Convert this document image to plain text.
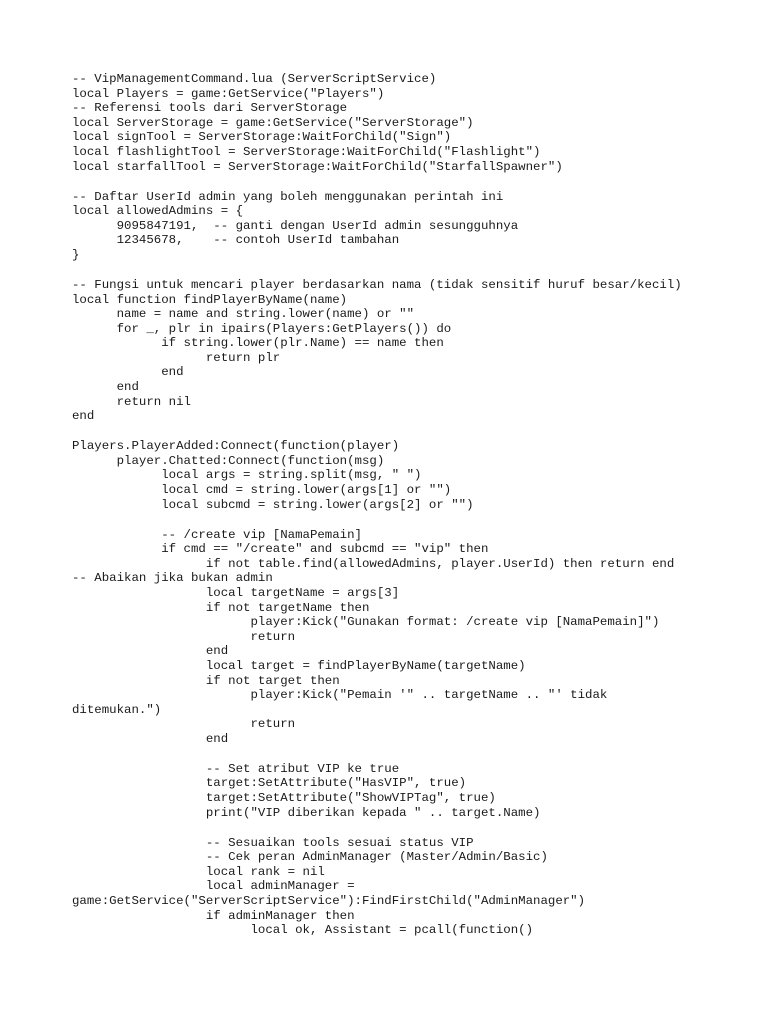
-- VipManagementCommand.lua (ServerScriptService)
local Players = game:GetService("Players")
-- Referensi tools dari ServerStorage
local ServerStorage = game:GetService("ServerStorage")
local signTool = ServerStorage:WaitForChild("Sign")
local flashlightTool = ServerStorage:WaitForChild("Flashlight")
local starfallTool = ServerStorage:WaitForChild("StarfallSpawner")
-- Daftar UserId admin yang boleh menggunakan perintah ini
local allowedAdmins = {
9095847191,  -- ganti dengan UserId admin sesungguhnya
12345678,    -- contoh UserId tambahan
}
-- Fungsi untuk mencari player berdasarkan nama (tidak sensitif huruf besar/kecil)
local function findPlayerByName(name)
name = name and string.lower(name) or ""
for _, plr in ipairs(Players:GetPlayers()) do
if string.lower(plr.Name) == name then
return plr
end
end
return nil
end
Players.PlayerAdded:Connect(function(player)
player.Chatted:Connect(function(msg)
local args = string.split(msg, " ")
local cmd = string.lower(args[1] or "")
local subcmd = string.lower(args[2] or "")
-- /create vip [NamaPemain]
if cmd == "/create" and subcmd == "vip" then
if not table.find(allowedAdmins, player.UserId) then return end
-- Abaikan jika bukan admin
local targetName = args[3]
if not targetName then
player:Kick("Gunakan format: /create vip [NamaPemain]")
return
end
local target = findPlayerByName(targetName)
if not target then
player:Kick("Pemain '" .. targetName .. "' tidak
ditemukan.")
return
end
-- Set atribut VIP ke true
target:SetAttribute("HasVIP", true)
target:SetAttribute("ShowVIPTag", true)
print("VIP diberikan kepada " .. target.Name)
-- Sesuaikan tools sesuai status VIP
-- Cek peran AdminManager (Master/Admin/Basic)
local rank = nil
local adminManager =
game:GetService("ServerScriptService"):FindFirstChild("AdminManager")
if adminManager then
local ok, Assistant = pcall(function()
